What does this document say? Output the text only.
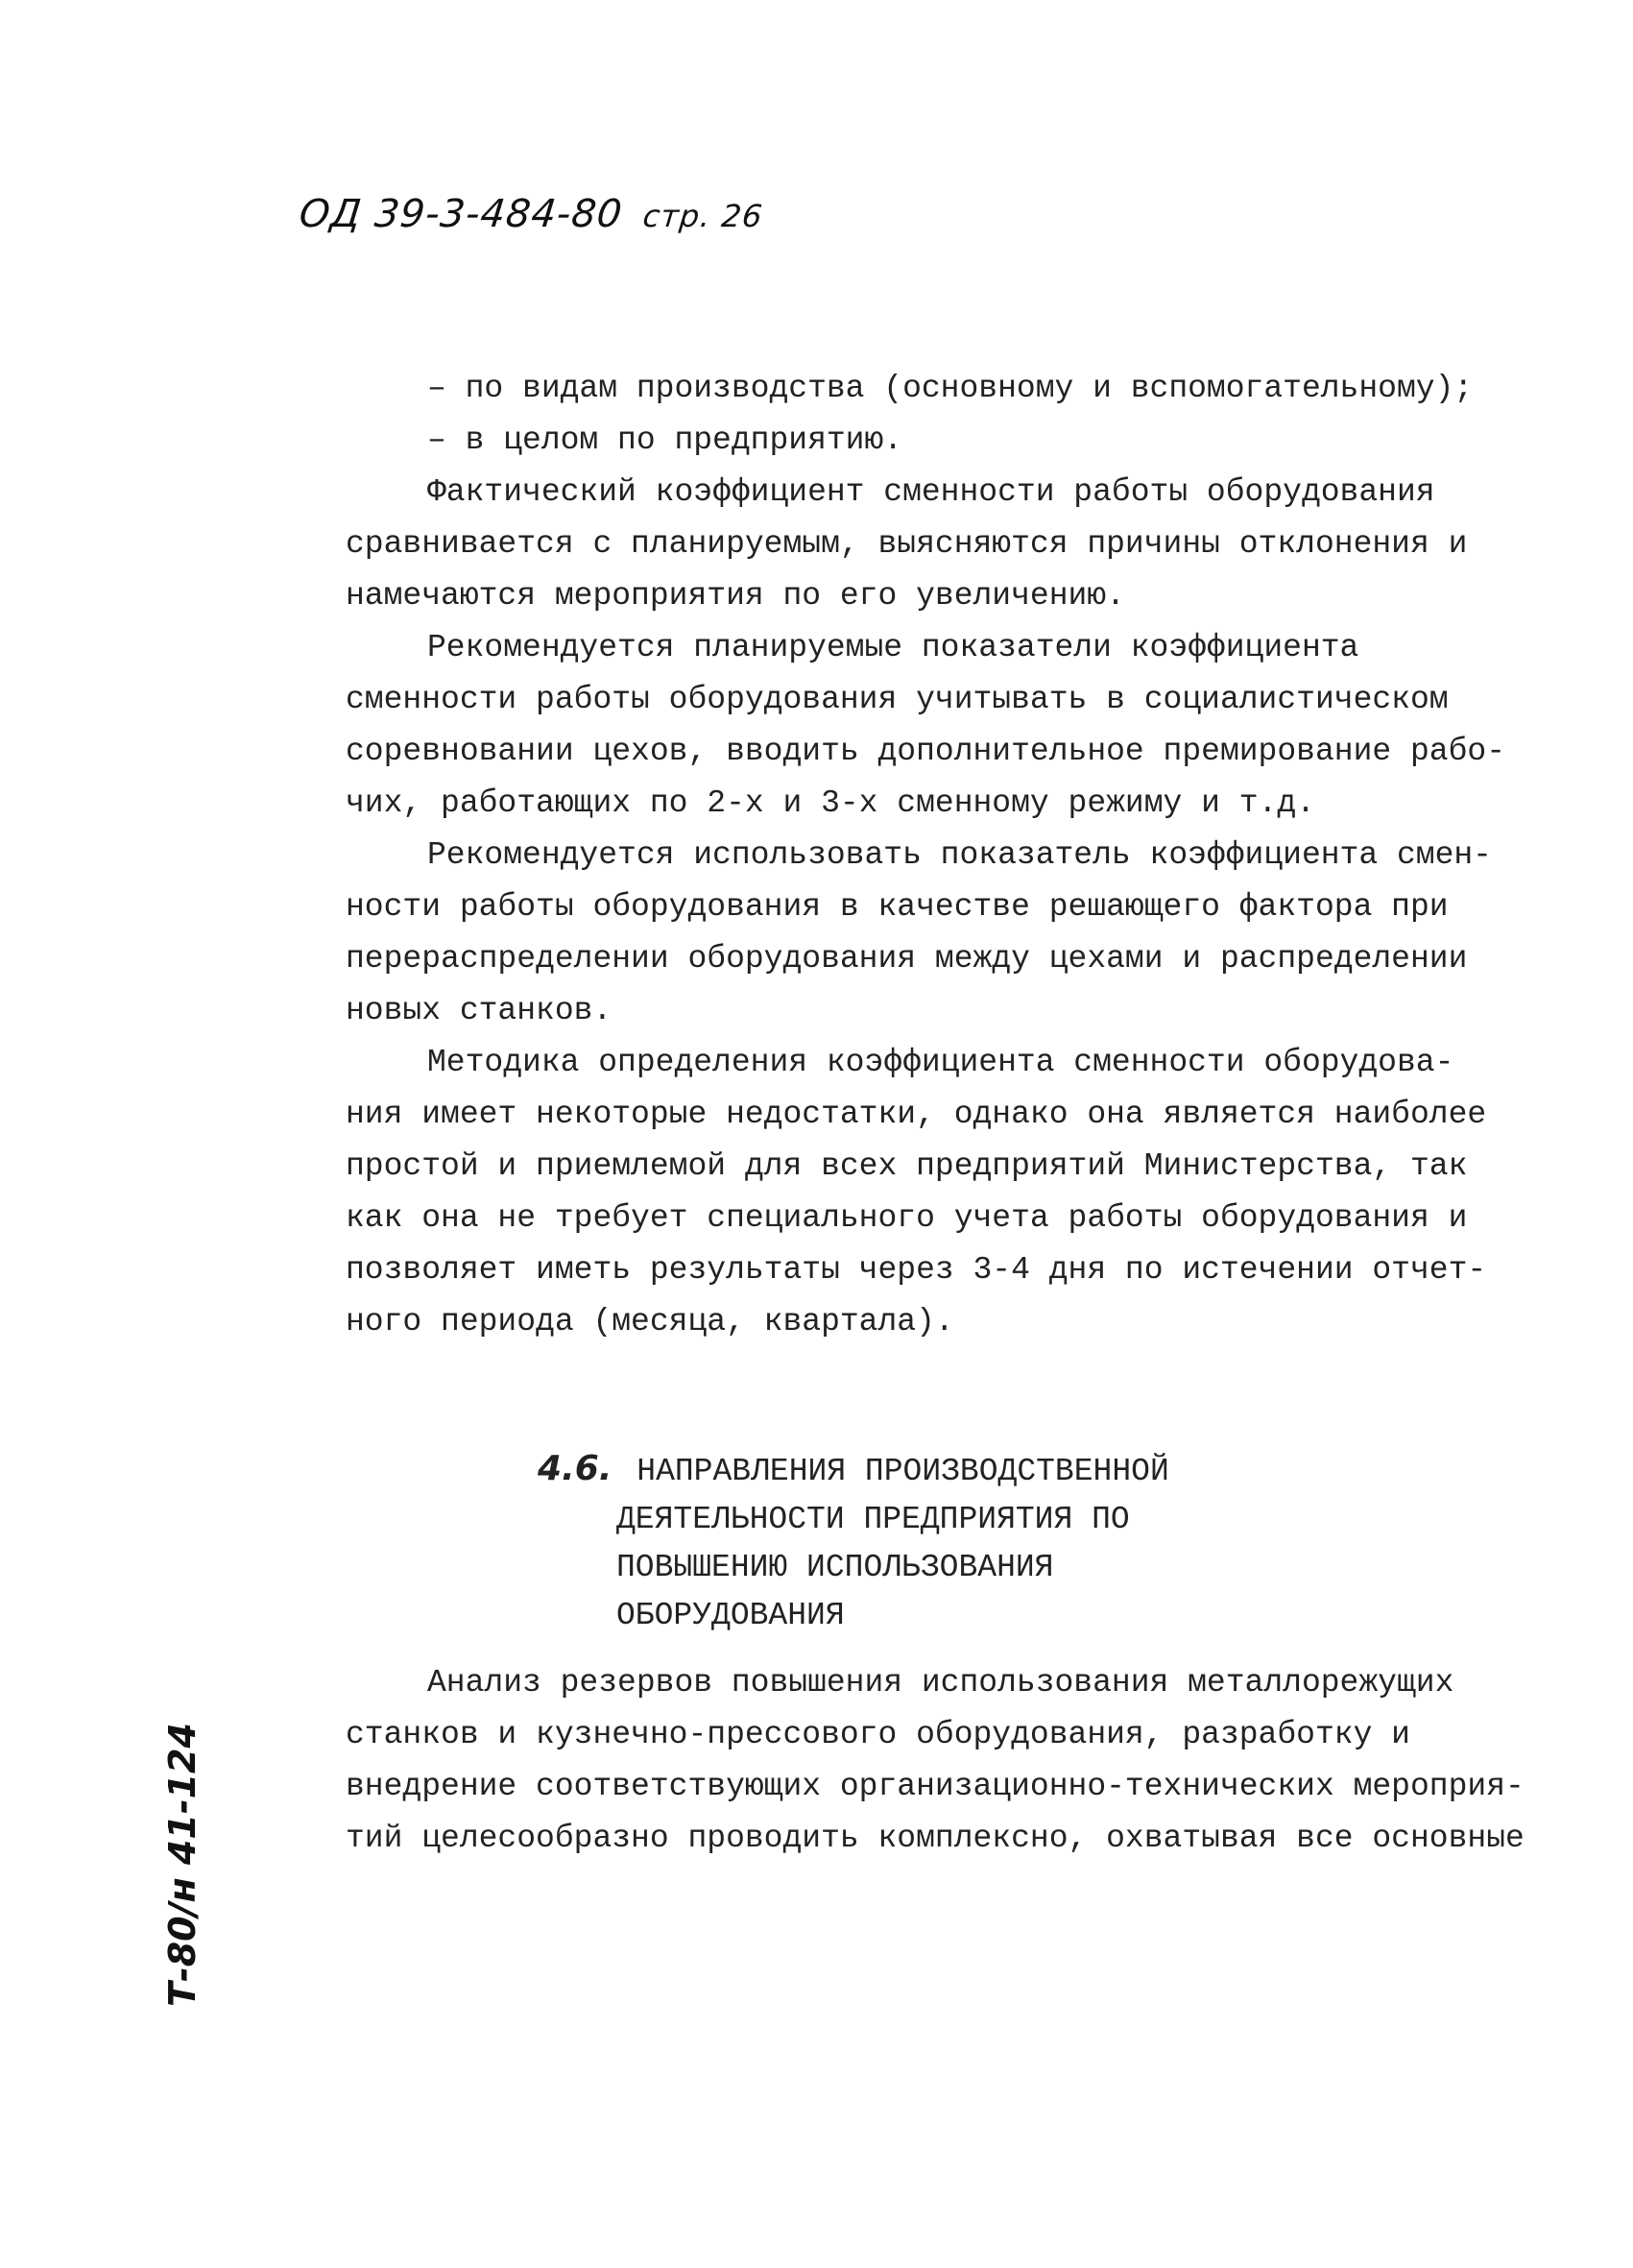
ОД 39-3-484-80 стр. 26
– по видам производства (основному и вспомогательному);
– в целом по предприятию.
Фактический коэффициент сменности работы оборудования
сравнивается с планируемым, выясняются причины отклонения и
намечаются мероприятия по его увеличению.
Рекомендуется планируемые показатели коэффициента
сменности работы оборудования учитывать в социалистическом
соревновании цехов, вводить дополнительное премирование рабо-
чих, работающих по 2-х и 3-х сменному режиму и т.д.
Рекомендуется использовать показатель коэффициента смен-
ности работы оборудования в качестве решающего фактора при
перераспределении оборудования между цехами и распределении
новых станков.
Методика определения коэффициента сменности оборудова-
ния имеет некоторые недостатки, однако она является наиболее
простой и приемлемой для всех предприятий Министерства, так
как она не требует специального учета работы оборудования и
позволяет иметь результаты через 3-4 дня по истечении отчет-
ного периода (месяца, квартала).
4.6. НАПРАВЛЕНИЯ ПРОИЗВОДСТВЕННОЙ
ДЕЯТЕЛЬНОСТИ ПРЕДПРИЯТИЯ ПО
ПОВЫШЕНИЮ ИСПОЛЬЗОВАНИЯ
ОБОРУДОВАНИЯ
Анализ резервов повышения использования металлорежущих
станков и кузнечно-прессового оборудования, разработку и
внедрение соответствующих организационно-технических мероприя-
тий целесообразно проводить комплексно, охватывая все основные
Т-80/н 41-124
